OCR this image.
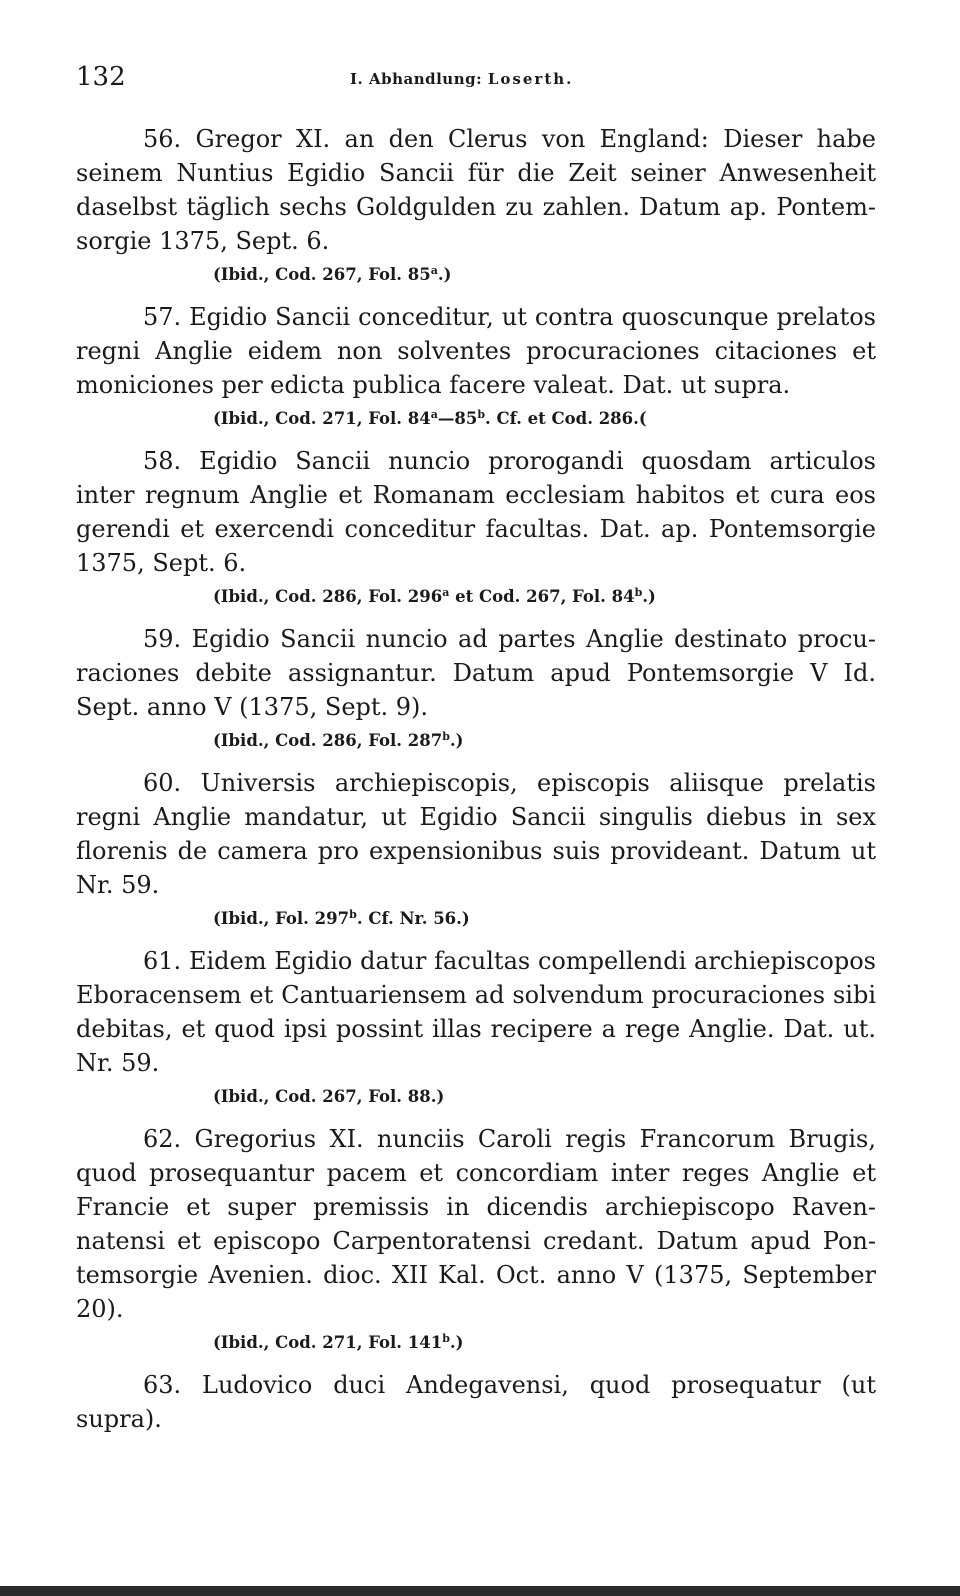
132	I. Abhandlung: Loserth.

56. Gregor XI. an den Clerus von England: Dieser habe seinem Nuntius Egidio Sancii für die Zeit seiner Anwesenheit daselbst täglich sechs Goldgulden zu zahlen. Datum ap. Pontemsorgie 1375, Sept. 6.

(Ibid., Cod. 267, Fol. 85$^a$.)

57. Egidio Sancii conceditur, ut contra quoscunque prelatos regni Anglie eidem non solventes procuraciones citaciones et moniciones per edicta publica facere valeat. Dat. ut supra.

(Ibid., Cod. 271, Fol. 84$^a$—85$^b$. Cf. et Cod. 286.(

58. Egidio Sancii nuncio prorogandi quosdam articulos inter regnum Anglie et Romanam ecclesiam habitos et cura eos gerendi et exercendi conceditur facultas. Dat. ap. Pontemsorgie 1375, Sept. 6.

(Ibid., Cod. 286, Fol. 296$^a$ et Cod. 267, Fol. 84$^b$.)

59. Egidio Sancii nuncio ad partes Anglie destinato procuraciones debite assignantur. Datum apud Pontemsorgie V Id. Sept. anno V (1375, Sept. 9).

(Ibid., Cod. 286, Fol. 287$^b$.)

60. Universis archiepiscopis, episcopis aliisque prelatis regni Anglie mandatur, ut Egidio Sancii singulis diebus in sex florenis de camera pro expensionibus suis provideant. Datum ut Nr. 59.

(Ibid., Fol. 297$^b$. Cf. Nr. 56.)

61. Eidem Egidio datur facultas compellendi archiepiscopos Eboracensem et Cantuariensem ad solvendum procuraciones sibi debitas, et quod ipsi possint illas recipere a rege Anglie. Dat. ut. Nr. 59.

(Ibid., Cod. 267, Fol. 88.)

62. Gregorius XI. nunciis Caroli regis Francorum Brugis, quod prosequantur pacem et concordiam inter reges Anglie et Francie et super premissis in dicendis archiepiscopo Ravennatensi et episcopo Carpentoratensi credant. Datum apud Pontemsorgie Avenien. dioc. XII Kal. Oct. anno V (1375, September 20).

(Ibid., Cod. 271, Fol. 141$^b$.)

63. Ludovico duci Andegavensi, quod prosequatur (ut supra).
